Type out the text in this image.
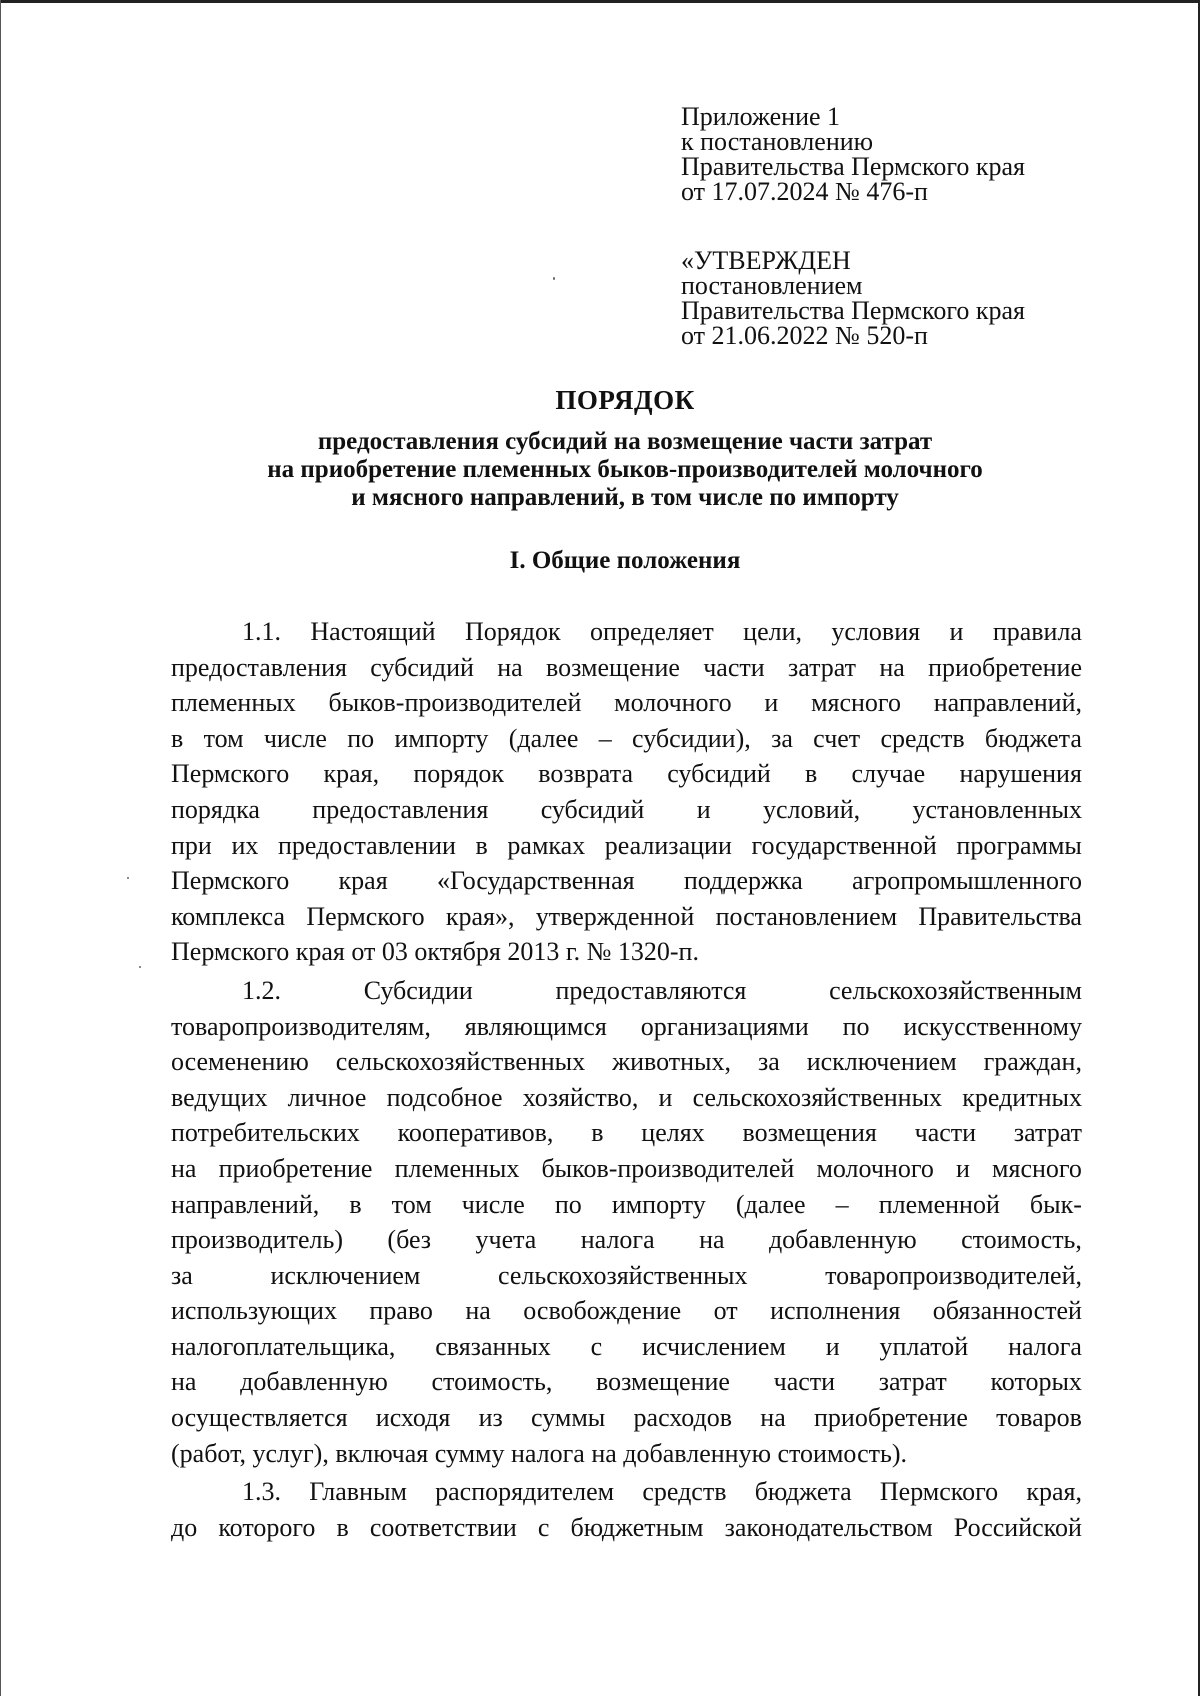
Приложение 1
к постановлению
Правительства Пермского края
от 17.07.2024 № 476-п
«УТВЕРЖДЕН
постановлением
Правительства Пермского края
от 21.06.2022 № 520-п
ПОРЯДОК
предоставления субсидий на возмещение части затрат
на приобретение племенных быков-производителей молочного
и мясного направлений, в том числе по импорту
I. Общие положения
1.1. Настоящий Порядок определяет цели, условия и правила
предоставления субсидий на возмещение части затрат на приобретение
племенных быков-производителей молочного и мясного направлений,
в том числе по импорту (далее – субсидии), за счет средств бюджета
Пермского края, порядок возврата субсидий в случае нарушения
порядка предоставления субсидий и условий, установленных
при их предоставлении в рамках реализации государственной программы
Пермского края «Государственная поддержка агропромышленного
комплекса Пермского края», утвержденной постановлением Правительства
Пермского края от 03 октября 2013 г. № 1320-п.
1.2.	Субсидии	предоставляются	сельскохозяйственным
товаропроизводителям, являющимся организациями по искусственному
осеменению сельскохозяйственных животных, за исключением граждан,
ведущих личное подсобное хозяйство, и сельскохозяйственных кредитных
потребительских кооперативов, в целях возмещения части затрат
на приобретение племенных быков-производителей молочного и мясного
направлений, в том числе по импорту (далее – племенной бык-
производитель) (без учета налога на добавленную стоимость,
за	исключением	сельскохозяйственных	товаропроизводителей,
использующих право на освобождение от исполнения обязанностей
налогоплательщика, связанных с исчислением и уплатой налога
на добавленную стоимость, возмещение части затрат которых
осуществляется исходя из суммы расходов на приобретение товаров
(работ, услуг), включая сумму налога на добавленную стоимость).
1.3. Главным распорядителем средств бюджета Пермского края,
до которого в соответствии с бюджетным законодательством Российской
